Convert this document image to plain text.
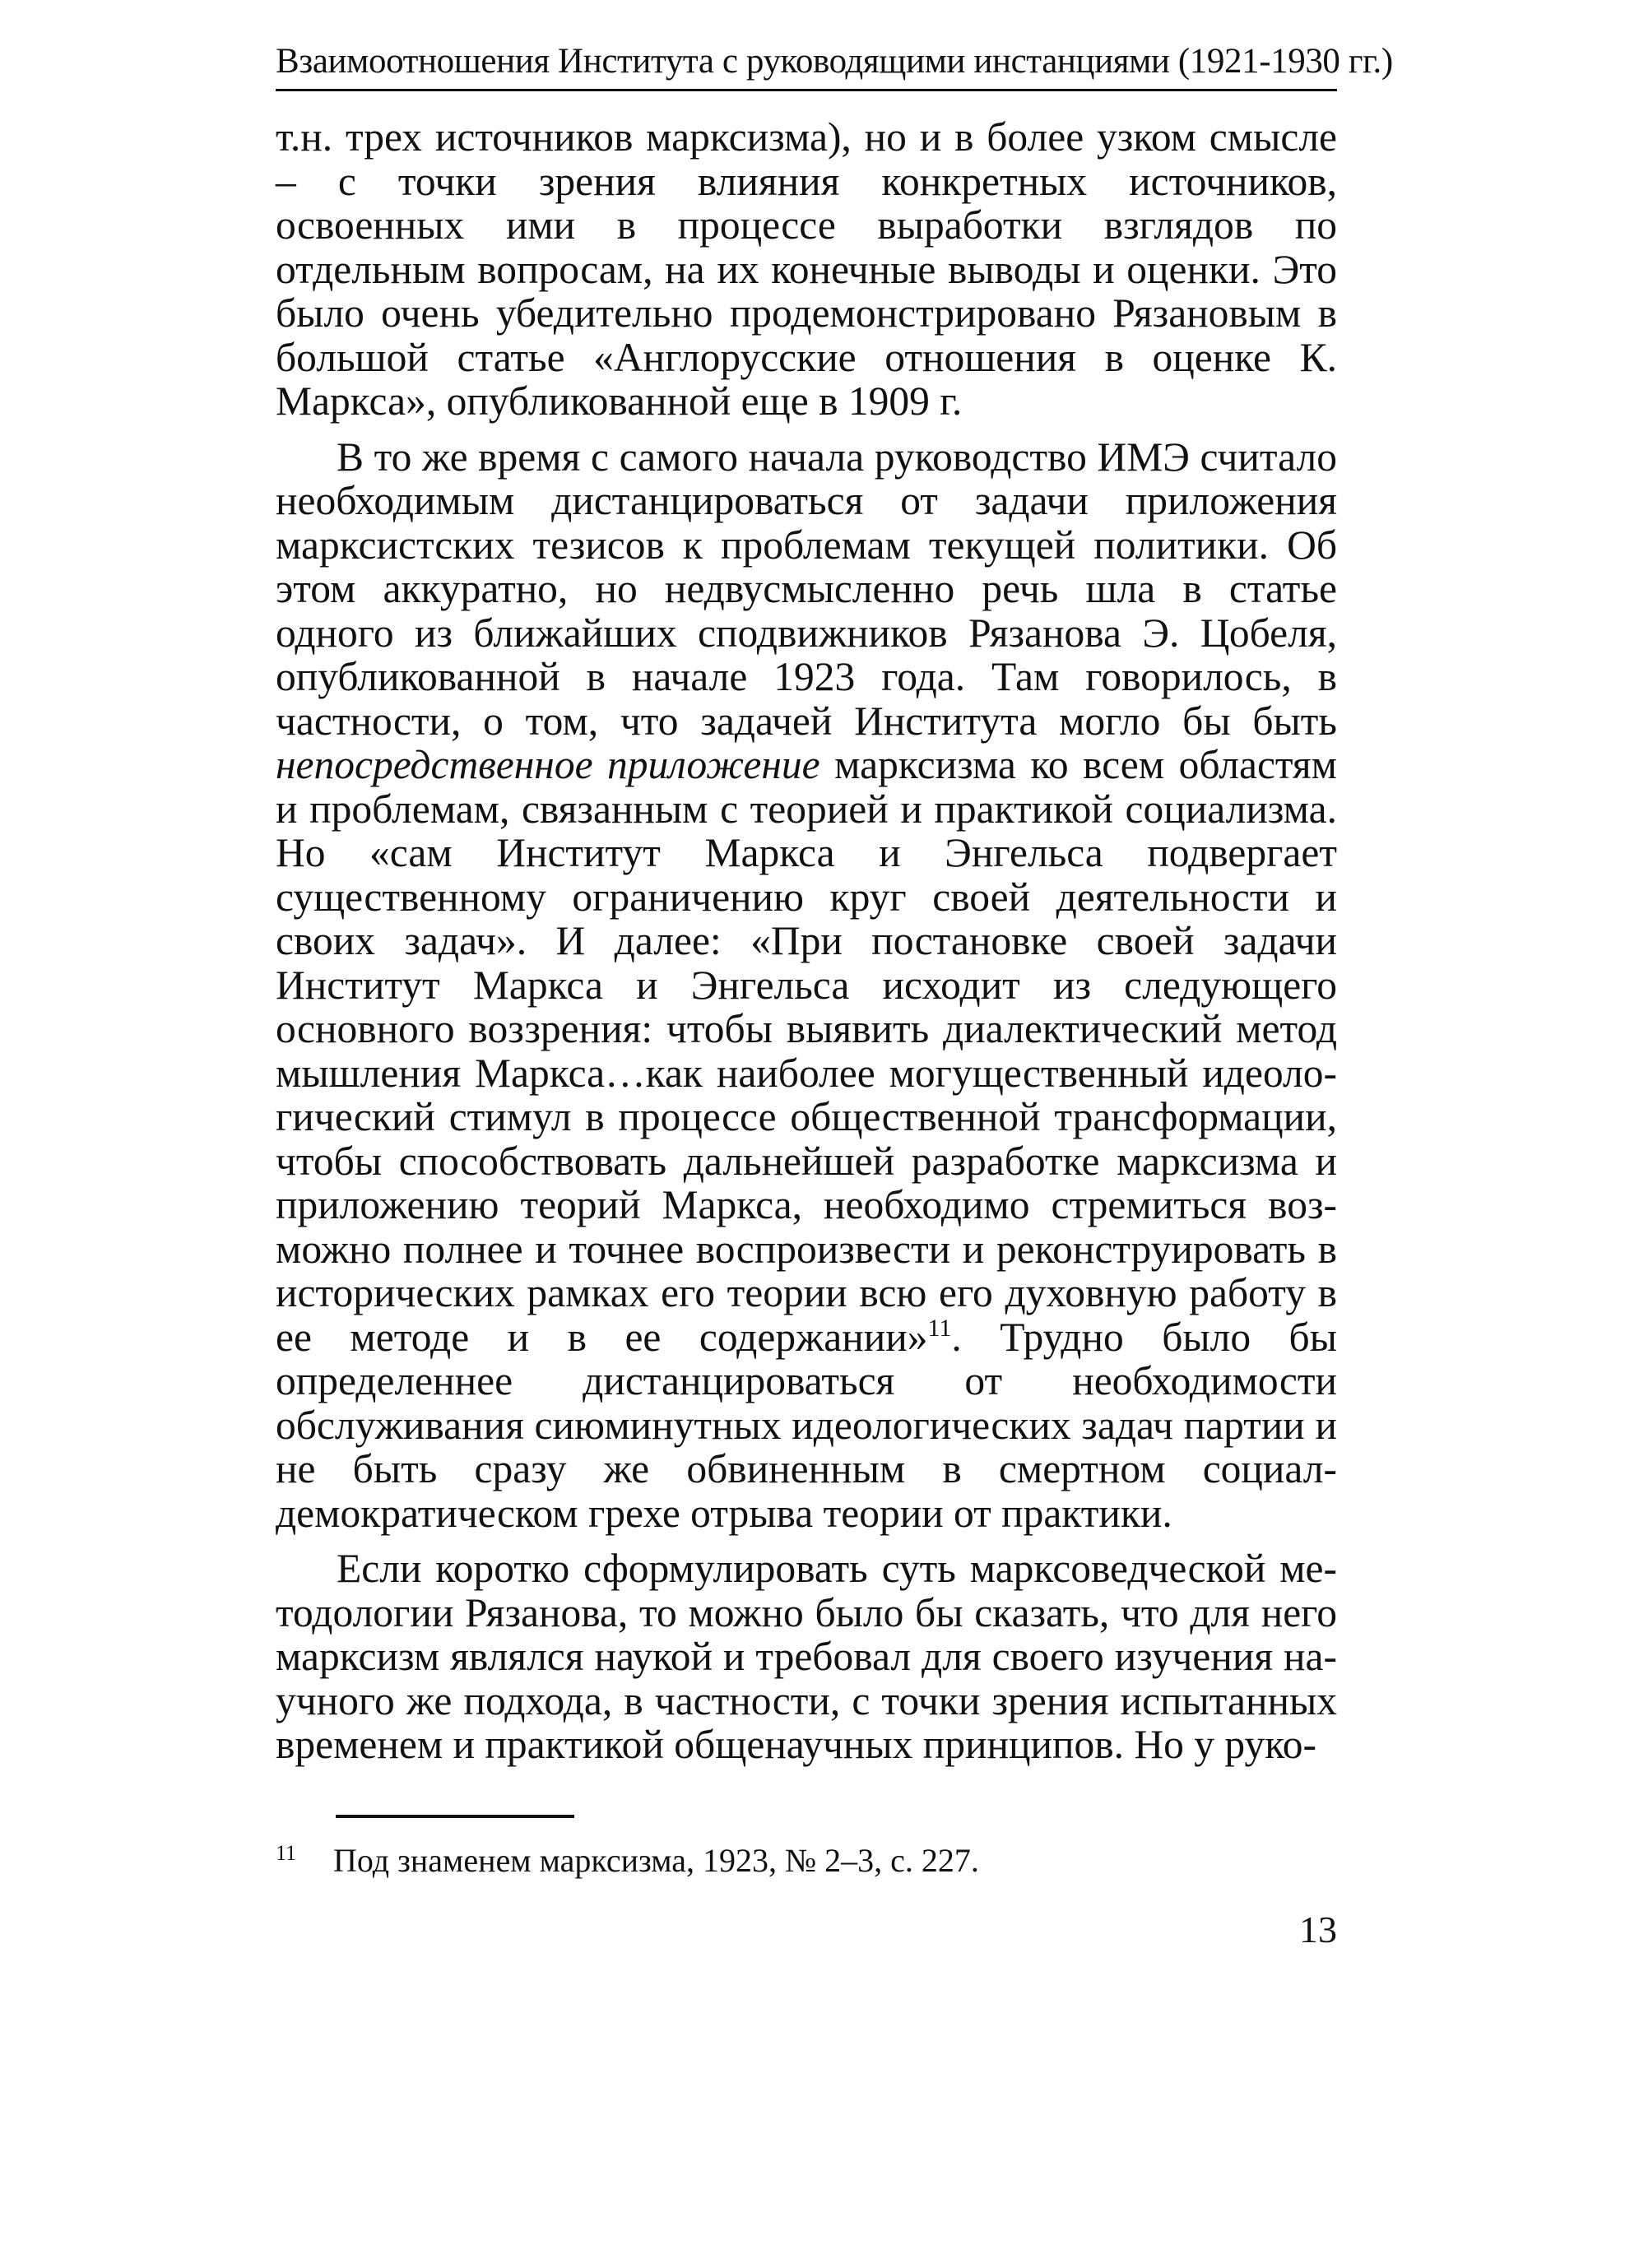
Взаимоотношения Института с руководящими инстанциями (1921-1930 гг.)

т.н. трех источников марксизма), но и в более узком смысле – с точки зрения влияния конкретных источников, освоенных ими в процессе выработки взглядов по отдельным вопросам, на их конечные выводы и оценки. Это было очень убедительно продемонстрировано Рязановым в большой статье «Англорусские отношения в оценке К. Маркса», опубликованной еще в 1909 г.

В то же время с самого начала руководство ИМЭ считало необходимым дистанцироваться от задачи приложения марксистских тезисов к проблемам текущей политики. Об этом аккуратно, но недвусмысленно речь шла в статье одного из ближайших сподвижников Рязанова Э. Цобеля, опубликованной в начале 1923 года. Там говорилось, в частности, о том, что задачей Института могло бы быть непосредственное приложение марксизма ко всем областям и проблемам, связанным с теорией и практикой социализма. Но «сам Институт Маркса и Энгельса подвергает существенному ограничению круг своей деятельности и своих задач». И далее: «При постановке своей задачи Институт Маркса и Энгельса исходит из следующего основного воззрения: чтобы выявить диалектический метод мышления Маркса…как наиболее могущественный идеологический стимул в процессе общественной трансформации, чтобы способствовать дальнейшей разработке марксизма и приложению теорий Маркса, необходимо стремиться возможно полнее и точнее воспроизвести и реконструировать в исторических рамках его теории всю его духовную работу в ее методе и в ее содержании»$^{11}$. Трудно было бы определеннее дистанцироваться от необходимости обслуживания сиюминутных идеологических задач партии и не быть сразу же обвиненным в смертном социал-демократическом грехе отрыва теории от практики.

Если коротко сформулировать суть марксоведческой методологии Рязанова, то можно было бы сказать, что для него марксизм являлся наукой и требовал для своего изучения научного же подхода, в частности, с точки зрения испытанных временем и практикой общенаучных принципов. Но у руко-

11 Под знаменем марксизма, 1923, № 2–3, с. 227.
13
